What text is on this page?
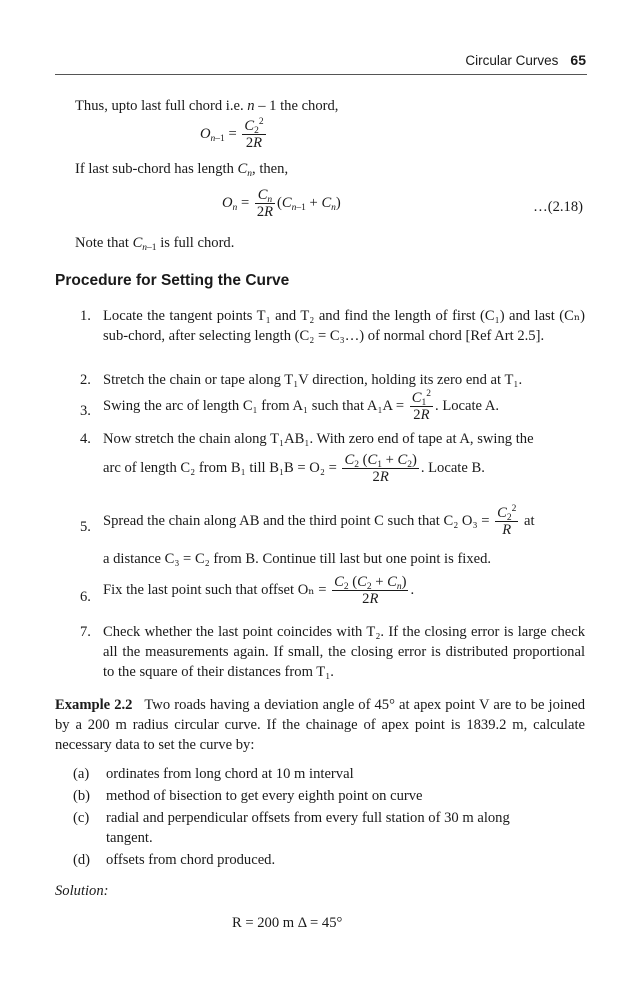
Circular Curves 65
Thus, upto last full chord i.e. n – 1 the chord,
$O_{n-1} = \frac{C_2^2}{2R}$
If last sub-chord has length $C_n$, then,
$O_n = \frac{C_n}{2R} (C_{n-1} + C_n)$	…(2.18)
Note that $C_{n-1}$ is full chord.
Procedure for Setting the Curve
1. Locate the tangent points T₁ and T₂ and find the length of first (C₁) and last (Cₙ) sub-chord, after selecting length (C₂ = C₃…) of normal chord [Ref Art 2.5].
2. Stretch the chain or tape along T₁V direction, holding its zero end at T₁.
3. Swing the arc of length C₁ from A₁ such that $A_1A = \frac{C_1^2}{2R}$ . Locate A.
4. Now stretch the chain along T₁AB₁. With zero end of tape at A, swing the
arc of length C₂ from B₁ till $B_1B = O_2 = \frac{C_2 (C_1 + C_2)}{2R}$ . Locate B.
5. Spread the chain along AB and the third point C such that C₂ $O_3 = \frac{C_2^2}{R}$ at
a distance C₃ = C₂ from B. Continue till last but one point is fixed.
6. Fix the last point such that offset $O_n = \frac{C_2 (C_2 + C_n)}{2R}$ .
7. Check whether the last point coincides with T₂. If the closing error is large check all the measurements again. If small, the closing error is distributed proportional to the square of their distances from T₁.
Example 2.2 Two roads having a deviation angle of 45° at apex point V are to be joined by a 200 m radius circular curve. If the chainage of apex point is 1839.2 m, calculate necessary data to set the curve by:
(a) ordinates from long chord at 10 m interval
(b) method of bisection to get every eighth point on curve
(c) radial and perpendicular offsets from every full station of 30 m along tangent.
(d) offsets from chord produced.
Solution:
R = 200 m Δ = 45°
